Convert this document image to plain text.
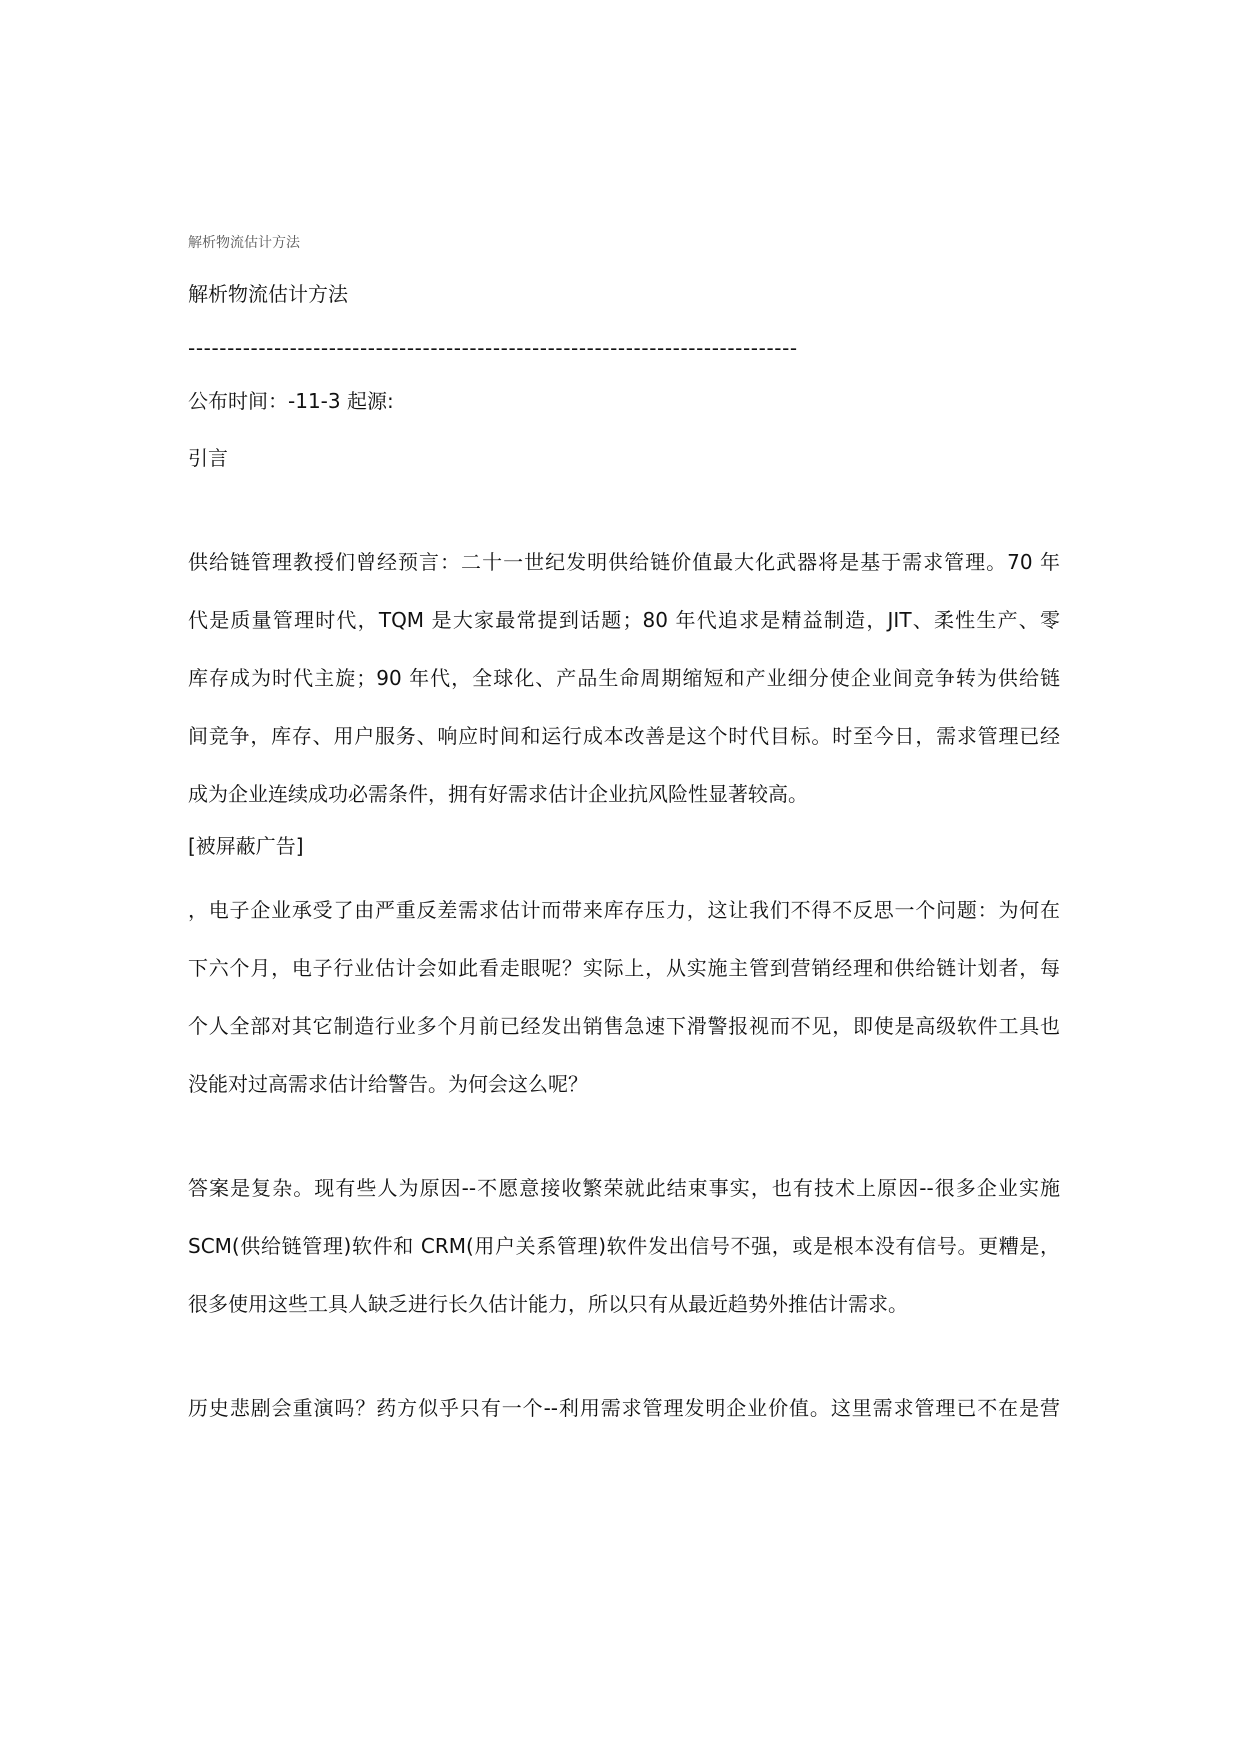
解析物流估计方法
解析物流估计方法
------------------------------------------------------------------------------
公布时间：-11-3 起源:
引言
供给链管理教授们曾经预言：二十一世纪发明供给链价值最大化武器将是基于需求管理。70 年
代是质量管理时代，TQM 是大家最常提到话题；80 年代追求是精益制造，JIT、柔性生产、零
库存成为时代主旋；90 年代，全球化、产品生命周期缩短和产业细分使企业间竞争转为供给链
间竞争，库存、用户服务、响应时间和运行成本改善是这个时代目标。时至今日，需求管理已经
成为企业连续成功必需条件，拥有好需求估计企业抗风险性显著较高。
[被屏蔽广告]
，电子企业承受了由严重反差需求估计而带来库存压力，这让我们不得不反思一个问题：为何在
下六个月，电子行业估计会如此看走眼呢？实际上，从实施主管到营销经理和供给链计划者，每
个人全部对其它制造行业多个月前已经发出销售急速下滑警报视而不见，即使是高级软件工具也
没能对过高需求估计给警告。为何会这么呢？
答案是复杂。现有些人为原因--不愿意接收繁荣就此结束事实，也有技术上原因--很多企业实施
SCM(供给链管理)软件和 CRM(用户关系管理)软件发出信号不强，或是根本没有信号。更糟是，
很多使用这些工具人缺乏进行长久估计能力，所以只有从最近趋势外推估计需求。
历史悲剧会重演吗？药方似乎只有一个--利用需求管理发明企业价值。这里需求管理已不在是营
